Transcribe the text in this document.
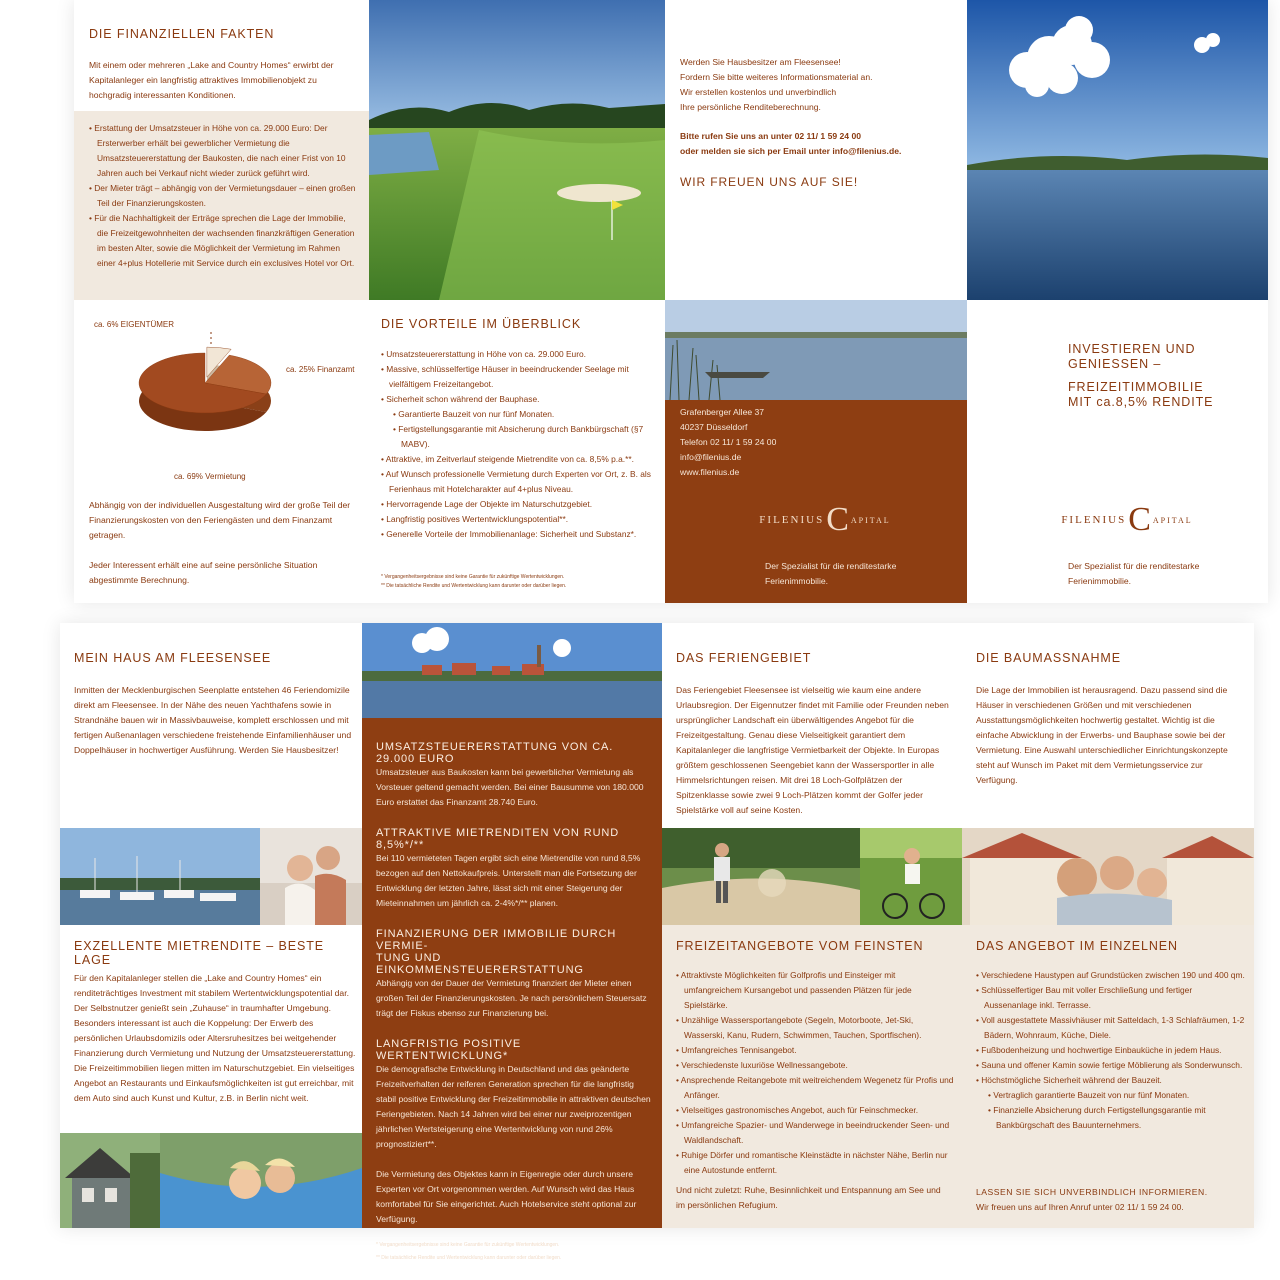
DIE FINANZIELLEN FAKTEN

Mit einem oder mehreren „Lake and Country Homes“ erwirbt der Kapitalanleger ein langfristig attraktives Immobilienobjekt zu hochgradig interessanten Konditionen.

• Erstattung der Umsatzsteuer in Höhe von ca. 29.000 Euro: Der Ersterwerber erhält bei gewerblicher Vermietung die Umsatzsteuererstattung der Baukosten, die nach einer Frist von 10 Jahren auch bei Verkauf nicht wieder zurück geführt wird.
• Der Mieter trägt – abhängig von der Vermietungsdauer – einen großen Teil der Finanzierungskosten.
• Für die Nachhaltigkeit der Erträge sprechen die Lage der Immobilie, die Freizeitgewohnheiten der wachsenden finanzkräftigen Generation im besten Alter, sowie die Möglichkeit der Vermietung im Rahmen einer 4+plus Hotellerie mit Service durch ein exclusives Hotel vor Ort.

Werden Sie Hausbesitzer am Fleesensee!

Fordern Sie bitte weiteres Informationsmaterial an.

Wir erstellen kostenlos und unverbindlich

Ihre persönliche Renditeberechnung.

Bitte rufen Sie uns an unter 02 11/ 1 59 24 00

oder melden sie sich per Email unter info@filenius.de.

WIR FREUEN UNS AUF SIE!

ca. 6% EIGENTÜMER
ca. 25% Finanzamt
ca. 69% Vermietung

Abhängig von der individuellen Ausgestaltung wird der große Teil der Finanzierungskosten von den Feriengästen und dem Finanzamt getragen.

Jeder Interessent erhält eine auf seine persönliche Situation abgestimmte Berechnung.

DIE VORTEILE IM ÜBERBLICK
• Umsatzsteuererstattung in Höhe von ca. 29.000 Euro.
• Massive, schlüsselfertige Häuser in beeindruckender Seelage mit vielfältigem Freizeitangebot.
• Sicherheit schon während der Bauphase.
• Garantierte Bauzeit von nur fünf Monaten.
• Fertigstellungsgarantie mit Absicherung durch Bankbürgschaft (§7 MABV).
• Attraktive, im Zeitverlauf steigende Mietrendite von ca. 8,5% p.a.**.
• Auf Wunsch professionelle Vermietung durch Experten vor Ort, z. B. als Ferienhaus mit Hotelcharakter auf 4+plus Niveau.
• Hervorragende Lage der Objekte im Naturschutzgebiet.
• Langfristig positives Wertentwicklungspotential**.
• Generelle Vorteile der Immobilienanlage: Sicherheit und Substanz*.

* Vergangenheitsergebnisse sind keine Garantie für zukünftige Wertentwicklungen.

** Die tatsächliche Rendite und Wertentwicklung kann darunter oder darüber liegen.

Grafenberger Allee 37

40237 Düsseldorf

Telefon 02 11/ 1 59 24 00

info@filenius.de

www.filenius.de

FILENIUS C APITAL

Der Spezialist für die renditestarke

Ferienimmobilie.

INVESTIEREN UND

GENIESSEN –

FREIZEITIMMOBILIE

MIT ca.8,5% RENDITE

FILENIUS C APITAL

Der Spezialist für die renditestarke

Ferienimmobilie.

MEIN HAUS AM FLEESENSEE

Inmitten der Mecklenburgischen Seenplatte entstehen 46 Feriendomizile direkt am Fleesensee. In der Nähe des neuen Yachthafens sowie in Strandnähe bauen wir in Massivbauweise, komplett erschlossen und mit fertigen Außenanlagen verschiedene freistehende Einfamilienhäuser und Doppelhäuser in hochwertiger Ausführung. Werden Sie Hausbesitzer!

EXZELLENTE MIETRENDITE – BESTE LAGE

Für den Kapitalanleger stellen die „Lake and Country Homes“ ein renditeträchtiges Investment mit stabilem Wertentwicklungspotential dar. Der Selbstnutzer genießt sein „Zuhause“ in traumhafter Umgebung. Besonders interessant ist auch die Koppelung: Der Erwerb des persönlichen Urlaubsdomizils oder Altersruhesitzes bei weitgehender Finanzierung durch Vermietung und Nutzung der Umsatzsteuererstattung. Die Freizeitimmobilien liegen mitten im Naturschutzgebiet. Ein vielseitiges Angebot an Restaurants und Einkaufsmöglichkeiten ist gut erreichbar, mit dem Auto sind auch Kunst und Kultur, z.B. in Berlin nicht weit.

UMSATZSTEUERERSTATTUNG VON CA. 29.000 EURO

Umsatzsteuer aus Baukosten kann bei gewerblicher Vermietung als Vorsteuer geltend gemacht werden. Bei einer Bausumme von 180.000 Euro erstattet das Finanzamt 28.740 Euro.

ATTRAKTIVE MIETRENDITEN VON RUND 8,5%*/**

Bei 110 vermieteten Tagen ergibt sich eine Mietrendite von rund 8,5% bezogen auf den Nettokaufpreis. Unterstellt man die Fortsetzung der Entwicklung der letzten Jahre, lässt sich mit einer Steigerung der Mieteinnahmen um jährlich ca. 2-4%*/** planen.

FINANZIERUNG DER IMMOBILIE DURCH VERMIE-
TUNG UND EINKOMMENSTEUERERSTATTUNG

Abhängig von der Dauer der Vermietung finanziert der Mieter einen großen Teil der Finanzierungskosten. Je nach persönlichem Steuersatz trägt der Fiskus ebenso zur Finanzierung bei.

LANGFRISTIG POSITIVE WERTENTWICKLUNG*

Die demografische Entwicklung in Deutschland und das geänderte Freizeitverhalten der reiferen Generation sprechen für die langfristig stabil positive Entwicklung der Freizeitimmobilie in attraktiven deutschen Feriengebieten. Nach 14 Jahren wird bei einer nur zweiprozentigen jährlichen Wertsteigerung eine Wertentwicklung von rund 26% prognostiziert**.

Die Vermietung des Objektes kann in Eigenregie oder durch unsere Experten vor Ort vorgenommen werden. Auf Wunsch wird das Haus komfortabel für Sie eingerichtet. Auch Hotelservice steht optional zur Verfügung.

* Vergangenheitsergebnisse sind keine Garantie für zukünftige Wertentwicklungen.

** Die tatsächliche Rendite und Wertentwicklung kann darunter oder darüber liegen.

DAS FERIENGEBIET

Das Feriengebiet Fleesensee ist vielseitig wie kaum eine andere Urlaubsregion. Der Eigennutzer findet mit Familie oder Freunden neben ursprünglicher Landschaft ein überwältigendes Angebot für die Freizeitgestaltung. Genau diese Vielseitigkeit garantiert dem Kapitalanleger die langfristige Vermietbarkeit der Objekte. In Europas größtem geschlossenen Seengebiet kann der Wassersportler in alle Himmelsrichtungen reisen. Mit drei 18 Loch-Golfplätzen der Spitzenklasse sowie zwei 9 Loch-Plätzen kommt der Golfer jeder Spielstärke voll auf seine Kosten.

FREIZEITANGEBOTE VOM FEINSTEN
• Attraktivste Möglichkeiten für Golfprofis und Einsteiger mit umfangreichem Kursangebot und passenden Plätzen für jede Spielstärke.
• Unzählige Wassersportangebote (Segeln, Motorboote, Jet-Ski, Wasserski, Kanu, Rudern, Schwimmen, Tauchen, Sportfischen).
• Umfangreiches Tennisangebot.
• Verschiedenste luxuriöse Wellnessangebote.
• Ansprechende Reitangebote mit weitreichendem Wegenetz für Profis und Anfänger.
• Vielseitiges gastronomisches Angebot, auch für Feinschmecker.
• Umfangreiche Spazier- und Wanderwege in beeindruckender Seen- und Waldlandschaft.
• Ruhige Dörfer und romantische Kleinstädte in nächster Nähe, Berlin nur eine Autostunde entfernt.

Und nicht zuletzt: Ruhe, Besinnlichkeit und Entspannung am See und im persönlichen Refugium.

DIE BAUMASSNAHME

Die Lage der Immobilien ist herausragend. Dazu passend sind die Häuser in verschiedenen Größen und mit verschiedenen Ausstattungsmöglichkeiten hochwertig gestaltet. Wichtig ist die einfache Abwicklung in der Erwerbs- und Bauphase sowie bei der Vermietung. Eine Auswahl unterschiedlicher Einrichtungskonzepte steht auf Wunsch im Paket mit dem Vermietungsservice zur Verfügung.

DAS ANGEBOT IM EINZELNEN
• Verschiedene Haustypen auf Grundstücken zwischen 190 und 400 qm.
• Schlüsselfertiger Bau mit voller Erschließung und fertiger Aussenanlage inkl. Terrasse.
• Voll ausgestattete Massivhäuser mit Satteldach, 1-3 Schlafräumen, 1-2 Bädern, Wohnraum, Küche, Diele.
• Fußbodenheizung und hochwertige Einbauküche in jedem Haus.
• Sauna und offener Kamin sowie fertige Möblierung als Sonderwunsch.
• Höchstmögliche Sicherheit während der Bauzeit.
• Vertraglich garantierte Bauzeit von nur fünf Monaten.
• Finanzielle Absicherung durch Fertigstellungsgarantie mit Bankbürgschaft des Bauunternehmers.

LASSEN SIE SICH UNVERBINDLICH INFORMIEREN.

Wir freuen uns auf Ihren Anruf unter 02 11/ 1 59 24 00.
